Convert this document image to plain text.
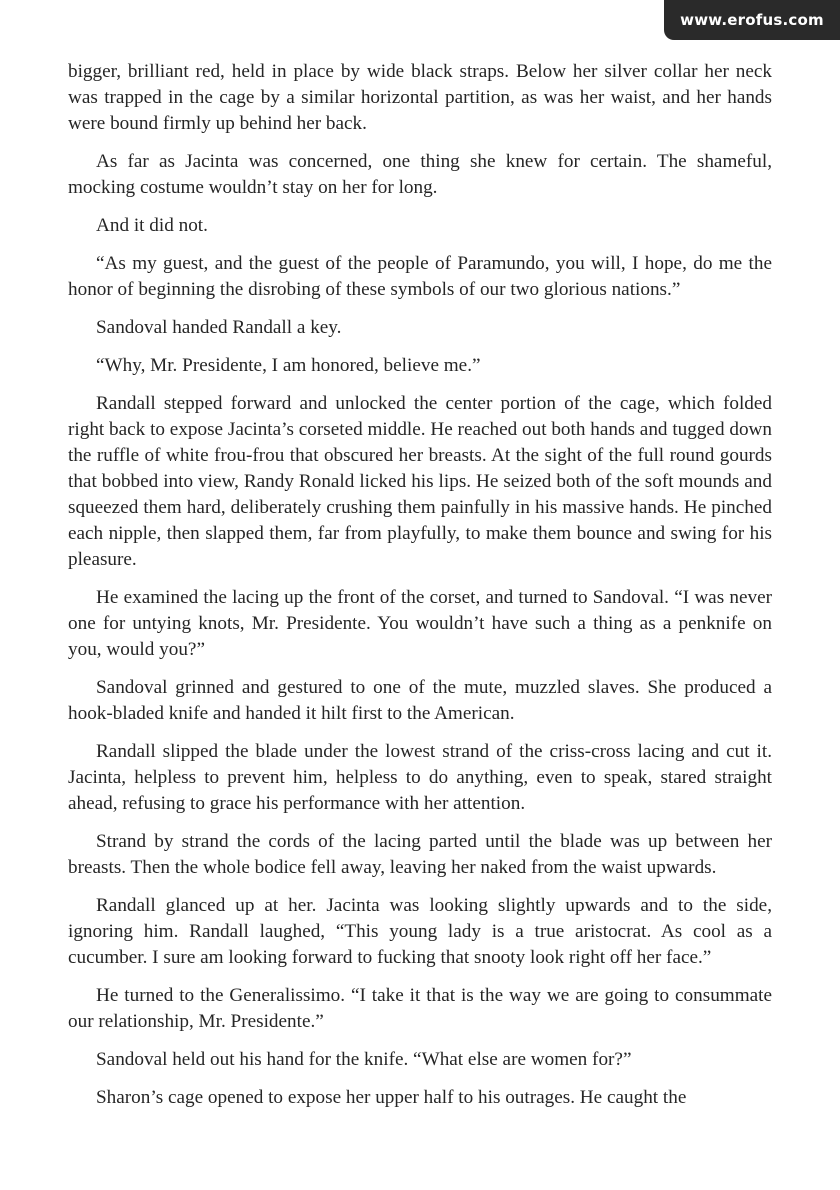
www.erofus.com

bigger, brilliant red, held in place by wide black straps. Below her silver collar her neck was trapped in the cage by a similar horizontal partition, as was her waist, and her hands were bound firmly up behind her back.

As far as Jacinta was concerned, one thing she knew for certain. The shameful, mocking costume wouldn’t stay on her for long.

And it did not.

“As my guest, and the guest of the people of Paramundo, you will, I hope, do me the honor of beginning the disrobing of these symbols of our two glorious nations.”

Sandoval handed Randall a key.

“Why, Mr. Presidente, I am honored, believe me.”

Randall stepped forward and unlocked the center portion of the cage, which folded right back to expose Jacinta’s corseted middle. He reached out both hands and tugged down the ruffle of white frou-frou that obscured her breasts. At the sight of the full round gourds that bobbed into view, Randy Ronald licked his lips. He seized both of the soft mounds and squeezed them hard, deliberately crushing them painfully in his massive hands. He pinched each nipple, then slapped them, far from playfully, to make them bounce and swing for his pleasure.

He examined the lacing up the front of the corset, and turned to Sandoval. “I was never one for untying knots, Mr. Presidente. You wouldn’t have such a thing as a penknife on you, would you?”

Sandoval grinned and gestured to one of the mute, muzzled slaves. She produced a hook-bladed knife and handed it hilt first to the American.

Randall slipped the blade under the lowest strand of the criss-cross lacing and cut it. Jacinta, helpless to prevent him, helpless to do anything, even to speak, stared straight ahead, refusing to grace his performance with her attention.

Strand by strand the cords of the lacing parted until the blade was up between her breasts. Then the whole bodice fell away, leaving her naked from the waist upwards.

Randall glanced up at her. Jacinta was looking slightly upwards and to the side, ignoring him. Randall laughed, “This young lady is a true aristocrat. As cool as a cucumber. I sure am looking forward to fucking that snooty look right off her face.”

He turned to the Generalissimo. “I take it that is the way we are going to consummate our relationship, Mr. Presidente.”

Sandoval held out his hand for the knife. “What else are women for?”

Sharon’s cage opened to expose her upper half to his outrages. He caught the
